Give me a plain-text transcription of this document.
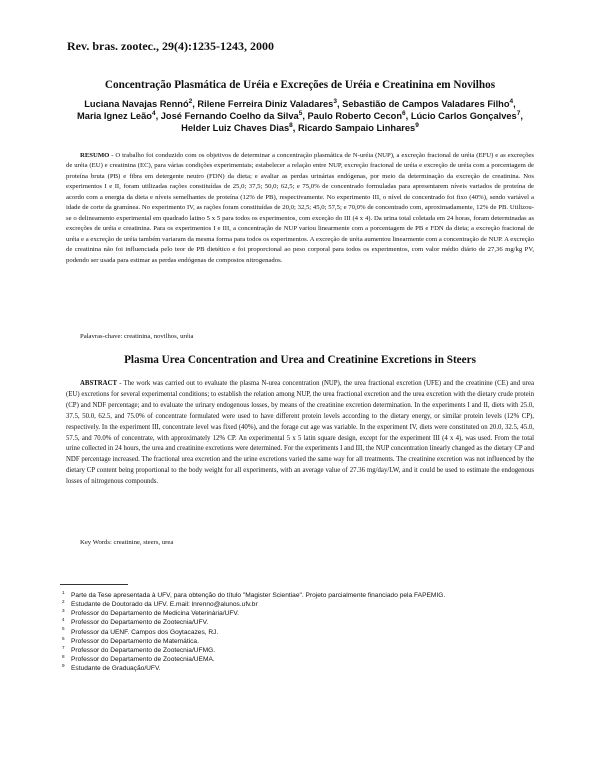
Rev. bras. zootec., 29(4):1235-1243, 2000
Concentração Plasmática de Uréia e Excreções de Uréia e Creatinina em Novilhos
Luciana Navajas Rennó$^2$, Rilene Ferreira Diniz Valadares$^3$, Sebastião de Campos Valadares Filho$^4$, Maria Ignez Leão$^4$, José Fernando Coelho da Silva$^5$, Paulo Roberto Cecon$^6$, Lúcio Carlos Gonçalves$^7$, Helder Luiz Chaves Dias$^8$, Ricardo Sampaio Linhares$^9$

RESUMO - O trabalho foi conduzido com os objetivos de determinar a concentração plasmática de N-uréia (NUP), a excreção fracional de uréia (EFU) e as excreções de uréia (EU) e creatinina (EC), para várias condições experimentais; estabelecer a relação entre NUP, excreção fracional de uréia e excreção de uréia com a porcentagem de proteína bruta (PB) e fibra em detergente neutro (FDN) da dieta; e avaliar as perdas urinárias endógenas, por meio da determinação da excreção de creatinina. Nos experimentos I e II, foram utilizadas rações constituídas de 25,0; 37,5; 50,0; 62,5; e 75,0% de concentrado formuladas para apresentarem níveis variados de proteína de acordo com a energia da dieta e níveis semelhantes de proteína (12% de PB), respectivamente. No experimento III, o nível de concentrado foi fixo (40%), sendo variável a idade de corte da gramínea. No experimento IV, as rações foram constituídas de 20,0; 32,5; 45,0; 57,5; e 70,0% de concentrado com, aproximadamente, 12% de PB. Utilizou-se o delineamento experimental em quadrado latino 5 x 5 para todos os experimentos, com exceção do III (4 x 4). Da urina total coletada em 24 horas, foram determinadas as excreções de uréia e creatinina. Para os experimentos I e III, a concentração de NUP variou linearmente com a porcentagem de PB e FDN da dieta; a excreção fracional de uréia e a excreção de uréia também variaram da mesma forma para todos os experimentos. A excreção de uréia aumentou linearmente com a concentração de NUP. A excreção de creatinina não foi influenciada pelo teor de PB dietético e foi proporcional ao peso corporal para todos os experimentos, com valor médio diário de 27,36 mg/kg PV, podendo ser usada para estimar as perdas endógenas de compostos nitrogenados.

Palavras-chave: creatinina, novilhos, uréia
Plasma Urea Concentration and Urea and Creatinine Excretions in Steers

ABSTRACT - The work was carried out to evaluate the plasma N-urea concentration (NUP), the urea fractional excretion (UFE) and the creatinine (CE) and urea (EU) excretions for several experimental conditions; to establish the relation among NUP, the urea fractional excretion and the urea excretion with the dietary crude protein (CP) and NDF percentage; and to evaluate the urinary endogenous losses, by means of the creatinine excretion determination. In the experiments I and II, diets with 25.0, 37.5, 50.0, 62.5, and 75.0% of concentrate formulated were used to have different protein levels according to the dietary energy, or similar protein levels (12% CP), respectively. In the experiment III, concentrate level was fixed (40%), and the forage cut age was variable. In the experiment IV, diets were constituted on 20.0, 32.5, 45.0, 57.5, and 70.0% of concentrate, with approximately 12% CP. An experimental 5 x 5 latin square design, except for the experiment III (4 x 4), was used. From the total urine collected in 24 hours, the urea and creatinine excretions were determined. For the experiments I and III, the NUP concentration linearly changed as the dietary CP and NDF percentage increased. The fractional urea excretion and the urine excretions varied the same way for all treatments. The creatinine excretion was not influenced by the dietary CP content being proportional to the body weight for all experiments, with an average value of 27.36 mg/day/LW, and it could be used to estimate the endogenous losses of nitrogenous compounds.

Key Words: creatinine, steers, urea
$^1$ Parte da Tese apresentada à UFV, para obtenção do título "Magister Scientiae". Projeto parcialmente financiado pela FAPEMIG.
$^2$ Estudante de Doutorado da UFV. E.mail: lnrenno@alunos.ufv.br
$^3$ Professor do Departamento de Medicina Veterinária/UFV.
$^4$ Professor do Departamento de Zootecnia/UFV.
$^5$ Professor da UENF. Campos dos Goytacazes, RJ.
$^6$ Professor do Departamento de Matemática.
$^7$ Professor do Departamento de Zootecnia/UFMG.
$^8$ Professor do Departamento de Zootecnia/UEMA.
$^9$ Estudante de Graduação/UFV.
